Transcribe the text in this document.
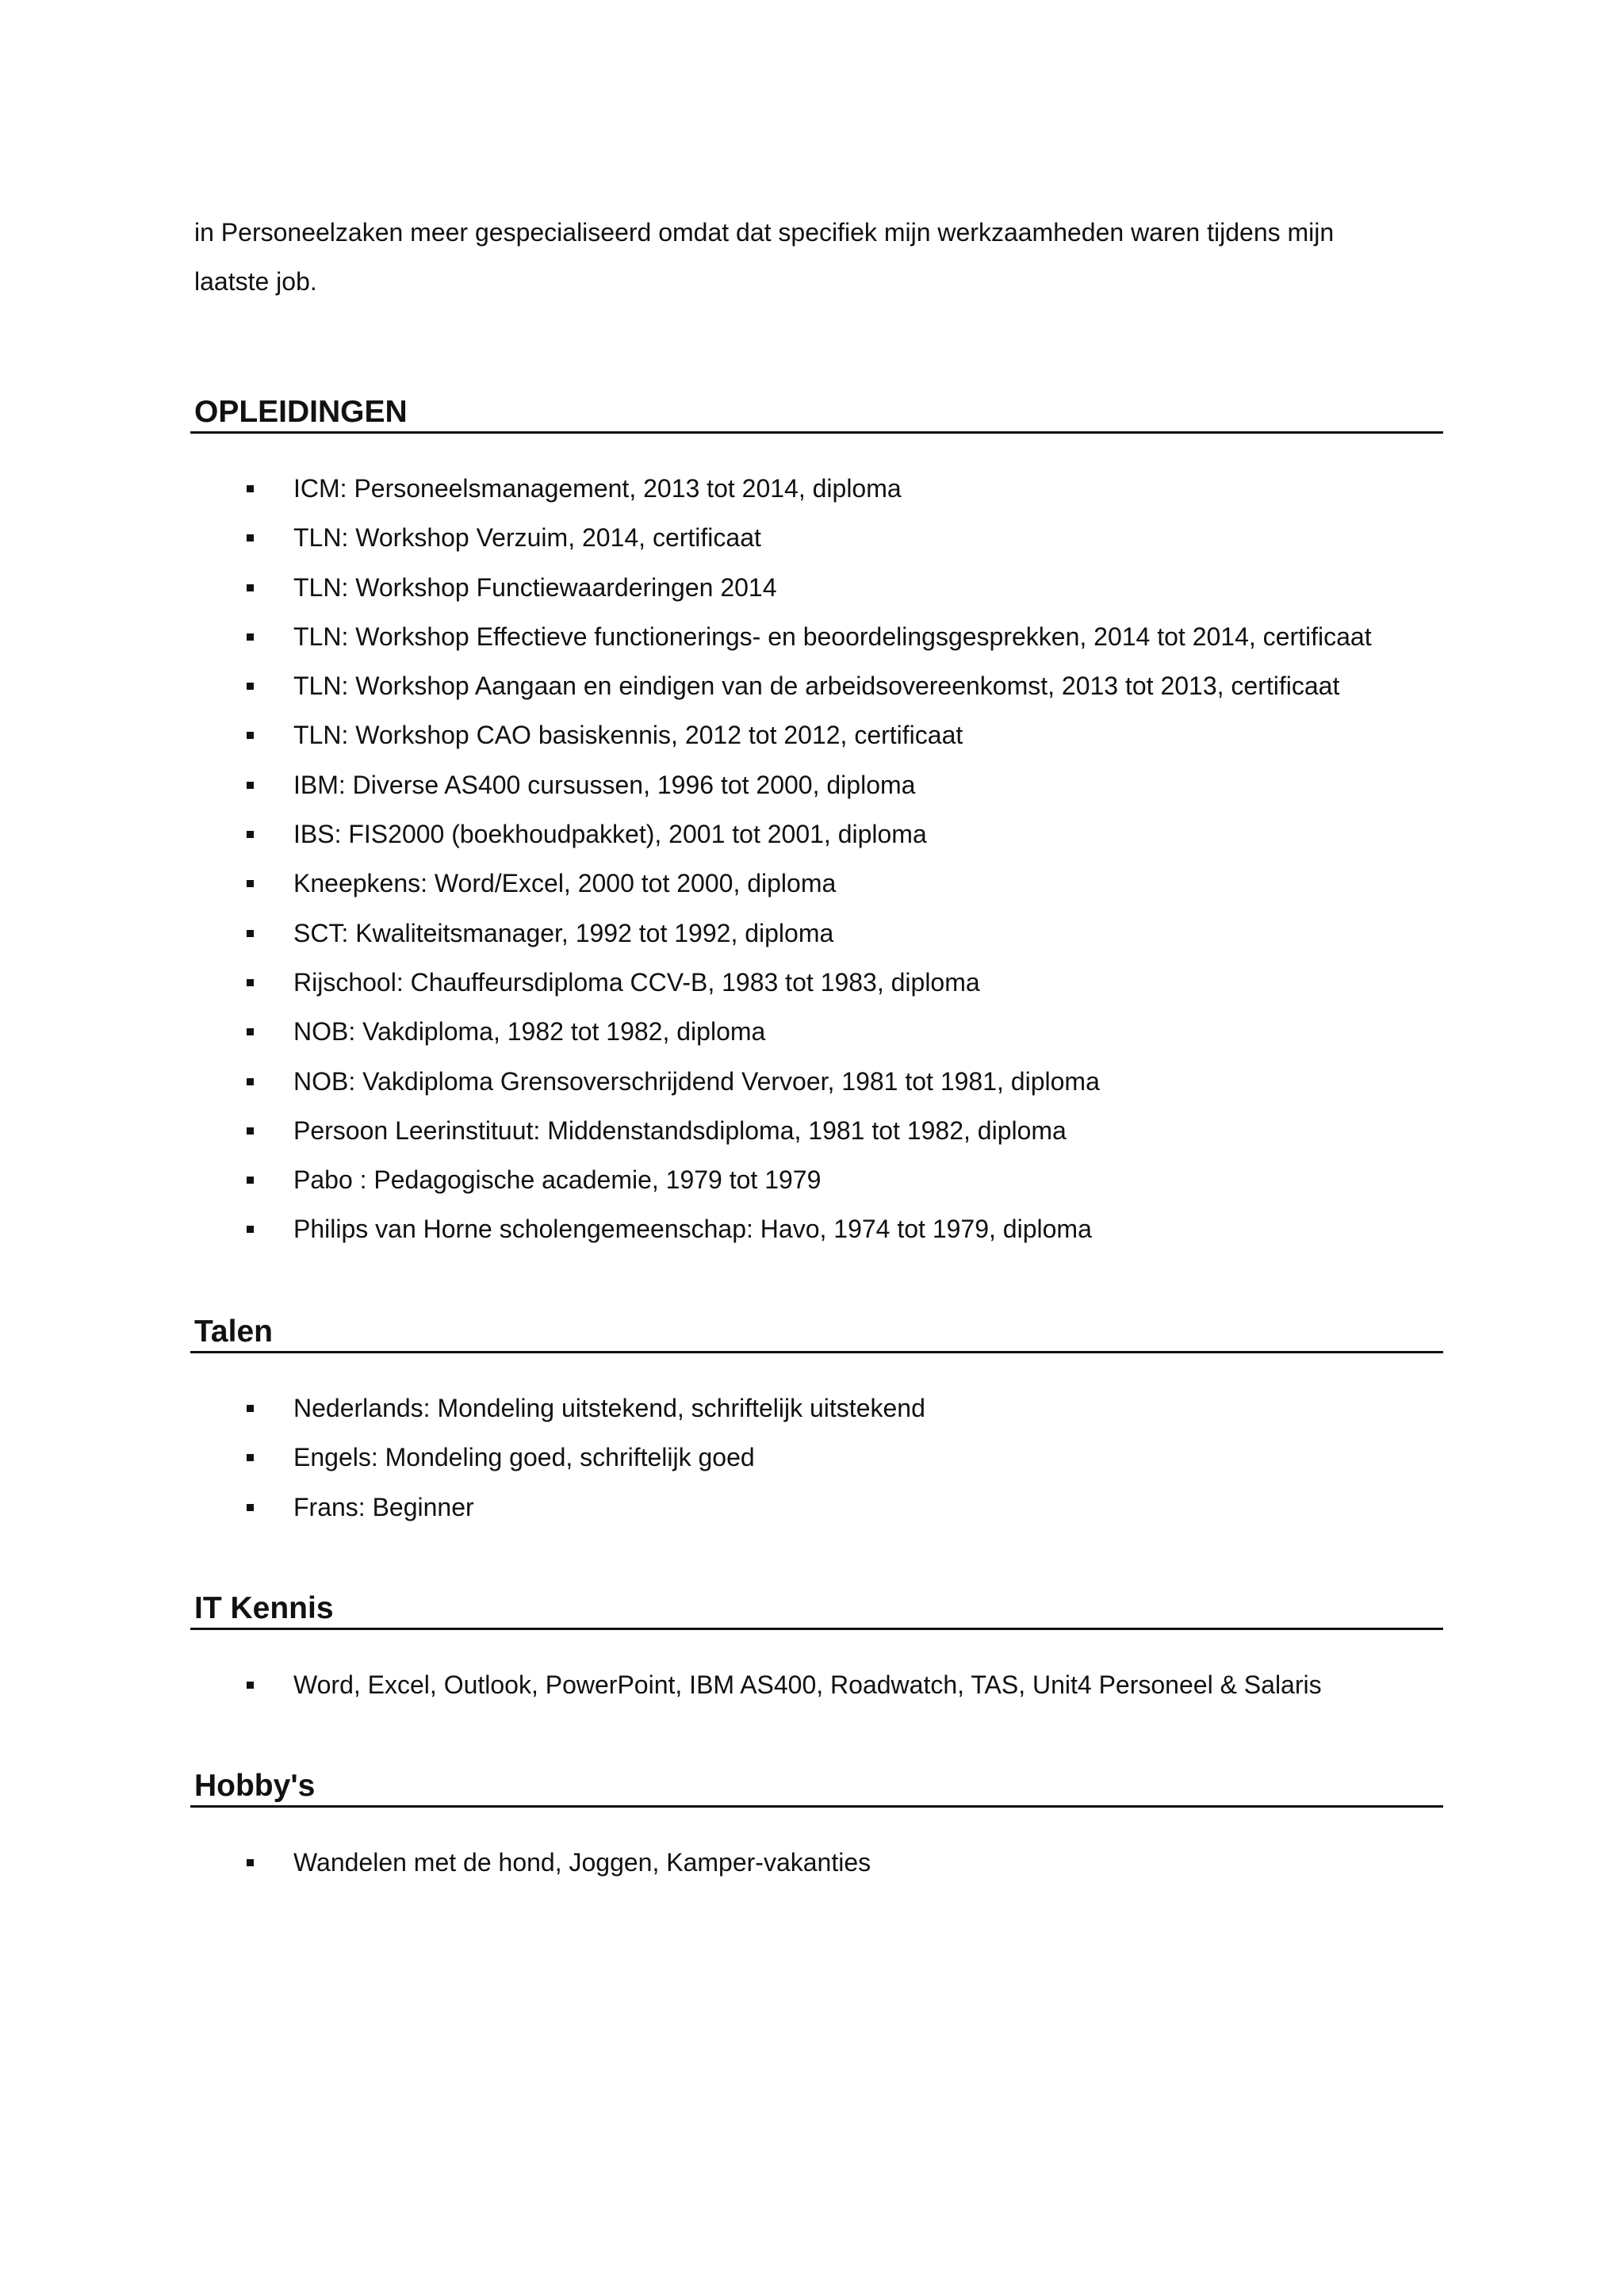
in Personeelzaken meer gespecialiseerd omdat dat specifiek mijn werkzaamheden waren tijdens mijn

laatste job.

OPLEIDINGEN
ICM: Personeelsmanagement, 2013 tot 2014, diploma
TLN: Workshop Verzuim, 2014, certificaat
TLN: Workshop Functiewaarderingen 2014
TLN: Workshop Effectieve functionerings- en beoordelingsgesprekken, 2014 tot 2014, certificaat
TLN: Workshop Aangaan en eindigen van de arbeidsovereenkomst, 2013 tot 2013, certificaat
TLN: Workshop CAO basiskennis, 2012 tot 2012, certificaat
IBM: Diverse AS400 cursussen, 1996 tot 2000, diploma
IBS: FIS2000 (boekhoudpakket), 2001 tot 2001, diploma
Kneepkens: Word/Excel, 2000 tot 2000, diploma
SCT: Kwaliteitsmanager, 1992 tot 1992, diploma
Rijschool: Chauffeursdiploma CCV-B, 1983 tot 1983, diploma
NOB: Vakdiploma, 1982 tot 1982, diploma
NOB: Vakdiploma Grensoverschrijdend Vervoer, 1981 tot 1981, diploma
Persoon Leerinstituut: Middenstandsdiploma, 1981 tot 1982, diploma
Pabo : Pedagogische academie, 1979 tot 1979
Philips van Horne scholengemeenschap: Havo, 1974 tot 1979, diploma
Talen
Nederlands: Mondeling uitstekend, schriftelijk uitstekend
Engels: Mondeling goed, schriftelijk goed
Frans: Beginner
IT Kennis
Word, Excel, Outlook, PowerPoint, IBM AS400, Roadwatch, TAS, Unit4 Personeel & Salaris
Hobby's
Wandelen met de hond, Joggen, Kamper-vakanties
